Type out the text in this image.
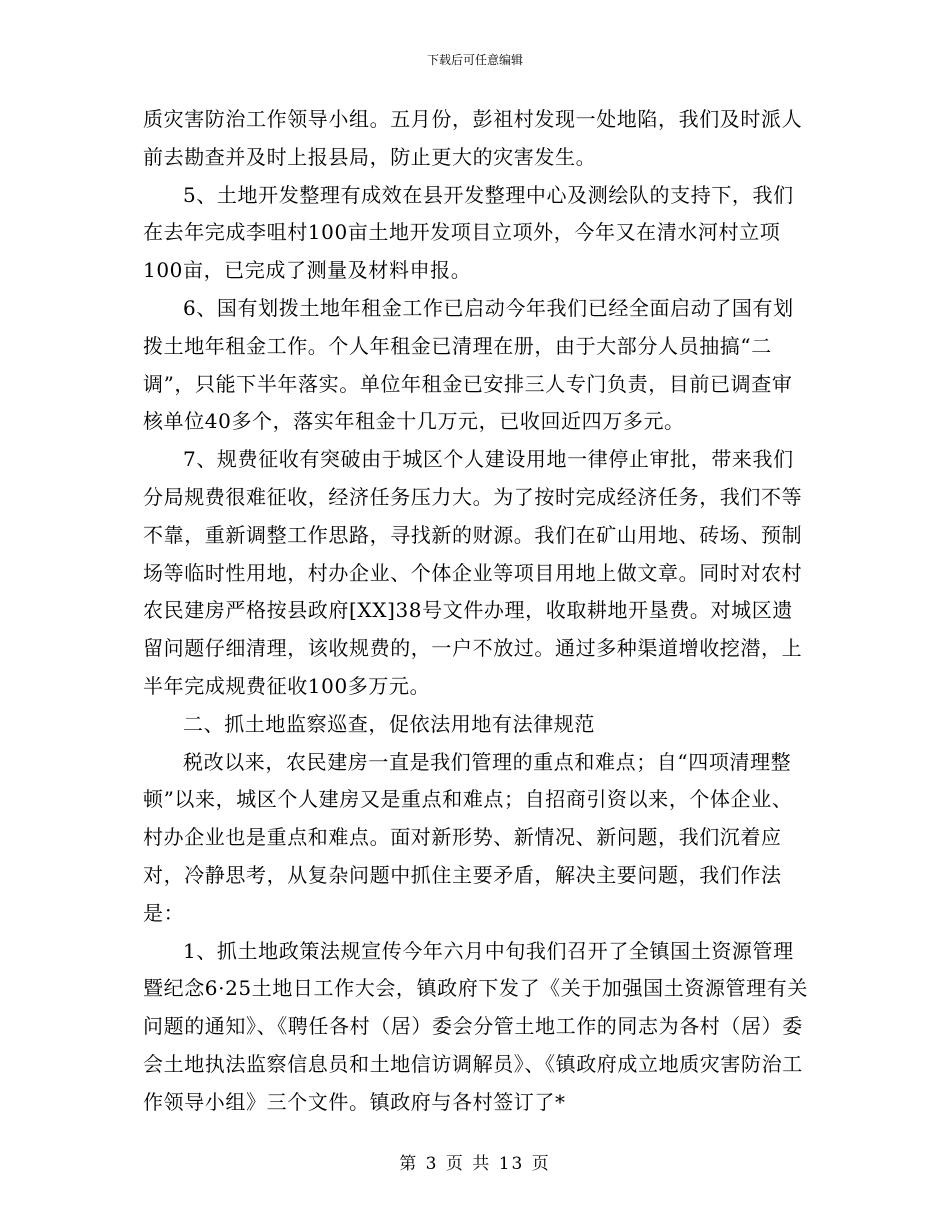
下载后可任意编辑

质灾害防治工作领导小组。五月份，彭祖村发现一处地陷，我们及时派人前去勘查并及时上报县局，防止更大的灾害发生。

5、土地开发整理有成效在县开发整理中心及测绘队的支持下，我们在去年完成李咀村100亩土地开发项目立项外，今年又在清水河村立项100亩，已完成了测量及材料申报。

6、国有划拨土地年租金工作已启动今年我们已经全面启动了国有划拨土地年租金工作。个人年租金已清理在册，由于大部分人员抽搞“二调”，只能下半年落实。单位年租金已安排三人专门负责，目前已调查审核单位40多个，落实年租金十几万元，已收回近四万多元。

7、规费征收有突破由于城区个人建设用地一律停止审批，带来我们分局规费很难征收，经济任务压力大。为了按时完成经济任务，我们不等不靠，重新调整工作思路，寻找新的财源。我们在矿山用地、砖场、预制场等临时性用地，村办企业、个体企业等项目用地上做文章。同时对农村农民建房严格按县政府[XX]38号文件办理，收取耕地开垦费。对城区遗留问题仔细清理，该收规费的，一户不放过。通过多种渠道增收挖潜，上半年完成规费征收100多万元。

二、抓土地监察巡查，促依法用地有法律规范

税改以来，农民建房一直是我们管理的重点和难点；自“四项清理整顿”以来，城区个人建房又是重点和难点；自招商引资以来，个体企业、村办企业也是重点和难点。面对新形势、新情况、新问题，我们沉着应对，冷静思考，从复杂问题中抓住主要矛盾，解决主要问题，我们作法是：

1、抓土地政策法规宣传今年六月中旬我们召开了全镇国土资源管理暨纪念6·25土地日工作大会，镇政府下发了《关于加强国土资源管理有关问题的通知》、《聘任各村（居）委会分管土地工作的同志为各村（居）委会土地执法监察信息员和土地信访调解员》、《镇政府成立地质灾害防治工作领导小组》三个文件。镇政府与各村签订了*

第 3 页 共 13 页
